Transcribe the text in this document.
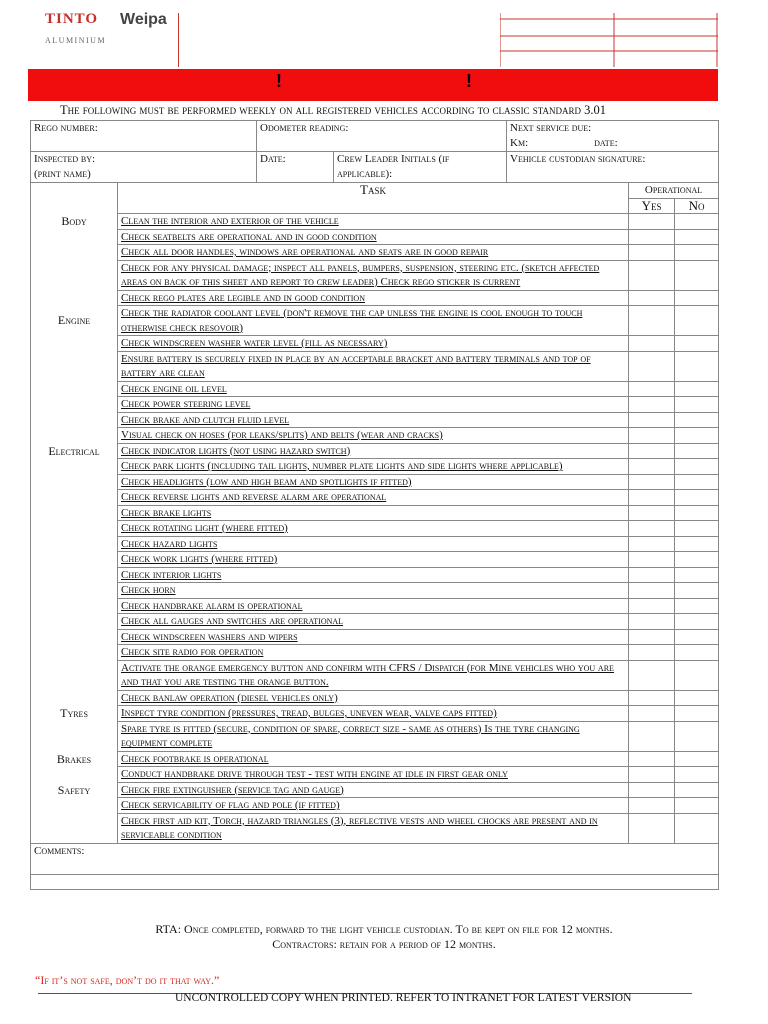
TINTO
ALUMINIUM
Weipa
!	!
The following must be performed weekly on all registered vehicles according to classic standard 3.01
Rego number:		Odometer reading:		Next service due:
Km: date:		

Inspected by:
(print name)		Date:	Crew Leader Initials (if applicable):	Vehicle custodian signature:		
	Task				Operational	
					Yes	No
Body	Clean the interior and exterior of the vehicle					
	Check seatbelts are operational and in good condition					
	Check all door handles, windows are operational and seats are in good repair					
	Check for any physical damage; inspect all panels, bumpers, suspension, steering etc. (sketch affected areas on back of this sheet and report to crew leader) Check rego sticker is current					
	Check rego plates are legible and in good condition					
Engine	Check the radiator coolant level (don't remove the cap unless the engine is cool enough to touch otherwise check resovoir)					
	Check windscreen washer water level (fill as necessary)					
	Ensure battery is securely fixed in place by an acceptable bracket and battery terminals and top of battery are clean					
	Check engine oil level					
	Check power steering level					
	Check brake and clutch fluid level					
	Visual check on hoses (for leaks/splits) and belts (wear and cracks)					
Electrical	Check indicator lights (not using hazard switch)					
	Check park lights (including tail lights, number plate lights and side lights where applicable)					
	Check headlights (low and high beam and spotlights if fitted)					
	Check reverse lights and reverse alarm are operational					
	Check brake lights					
	Check rotating light (where fitted)					
	Check hazard lights					
	Check work lights (where fitted)					
	Check interior lights					
	Check horn					
	Check handbrake alarm is operational					
	Check all gauges and switches are operational					
	Check windscreen washers and wipers					
	Check site radio for operation					
	Activate the orange emergency button and confirm with CFRS / Dispatch (for Mine vehicles who you are and that you are testing the orange button.					
	Check banlaw operation (diesel vehicles only)					
Tyres	Inspect tyre condition (pressures, tread, bulges, uneven wear, valve caps fitted)					
	Spare tyre is fitted (secure, condition of spare, correct size - same as others) Is the tyre changing equipment complete					
Brakes	Check footbrake is operational					
	Conduct handbrake drive through test - test with engine at idle in first gear only					
Safety	Check fire extinguisher (service tag and gauge)					
	Check servicability of flag and pole (if fitted)					
	Check first aid kit, Torch, hazard triangles (3), reflective vests and wheel chocks are present and in serviceable condition					
Comments:						

RTA: Once completed, forward to the light vehicle custodian. To be kept on file for 12 months.
Contractors: retain for a period of 12 months.
“If it’s not safe, don’t do it that way.”
UNCONTROLLED COPY WHEN PRINTED. REFER TO INTRANET FOR LATEST VERSION
